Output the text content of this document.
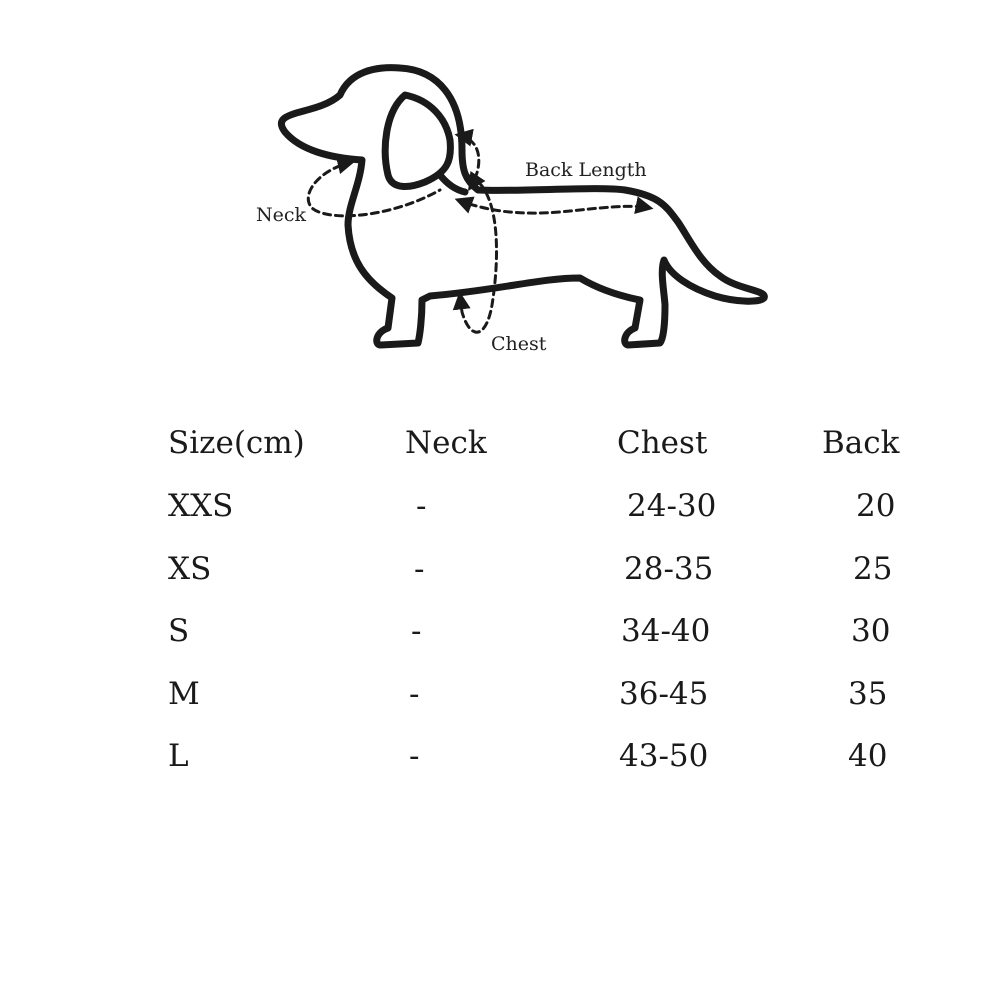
Neck
Back Length
Chest
Size(cm)	Neck	Chest	Back
XXS	-	24-30	20
XS	-	28-35	25
S	-	34-40	30
M	-	36-45	35
L	-	43-50	40
